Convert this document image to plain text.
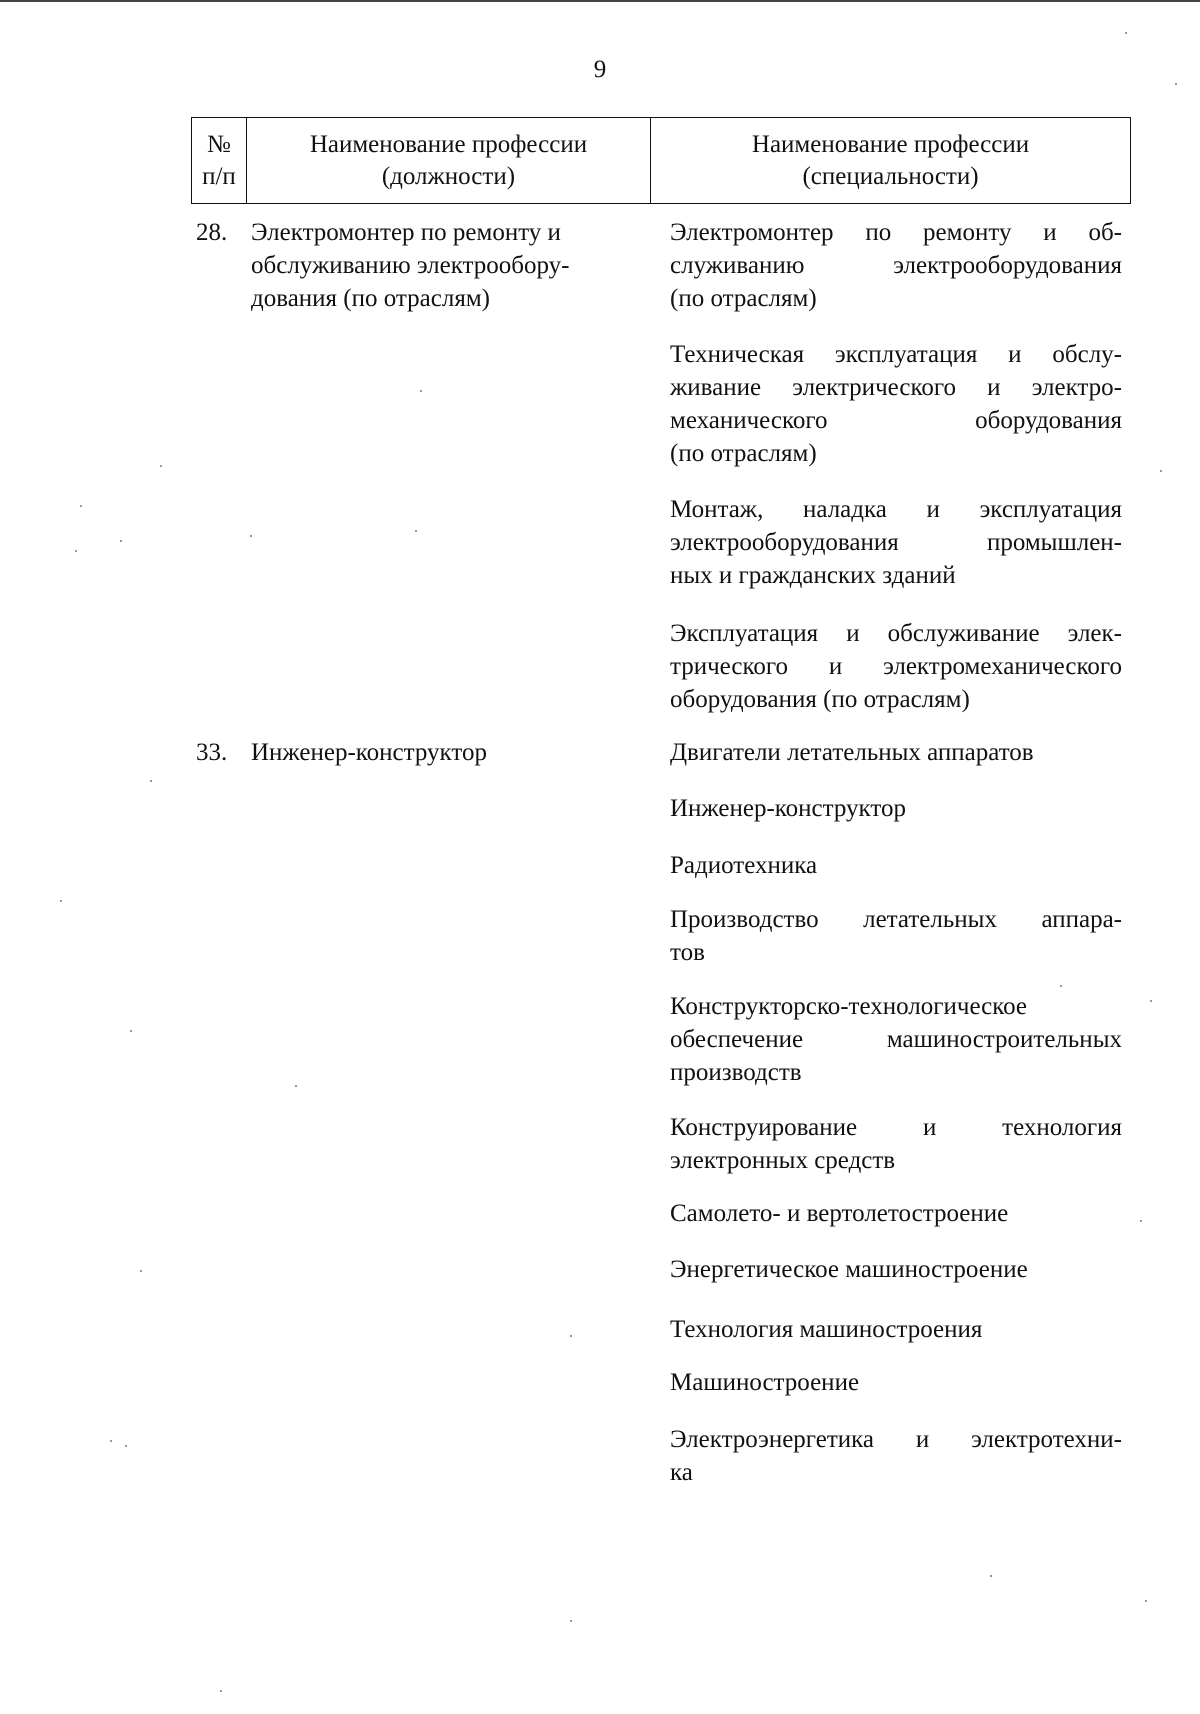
9
№
п/п
Наименование профессии
(должности)
Наименование профессии
(специальности)
28. Электромонтер по ремонту и
обслуживанию электрообору-
дования (по отраслям)
Электромонтер по ремонту и об-
служиванию электрооборудования
(по отраслям)
Техническая эксплуатация и обслу-
живание электрического и электро-
механического оборудования
(по отраслям)
Монтаж, наладка и эксплуатация
электрооборудования промышлен-
ных и гражданских зданий
Эксплуатация и обслуживание элек-
трического и электромеханического
оборудования (по отраслям)
33. Инженер-конструктор	Двигатели летательных аппаратов
Инженер-конструктор
Радиотехника
Производство летательных аппара-
тов
Конструкторско-технологическое
обеспечение машиностроительных
производств
Конструирование и технология
электронных средств
Самолето- и вертолетостроение
Энергетическое машиностроение
Технология машиностроения
Машиностроение
Электроэнергетика и электротехни-
ка
